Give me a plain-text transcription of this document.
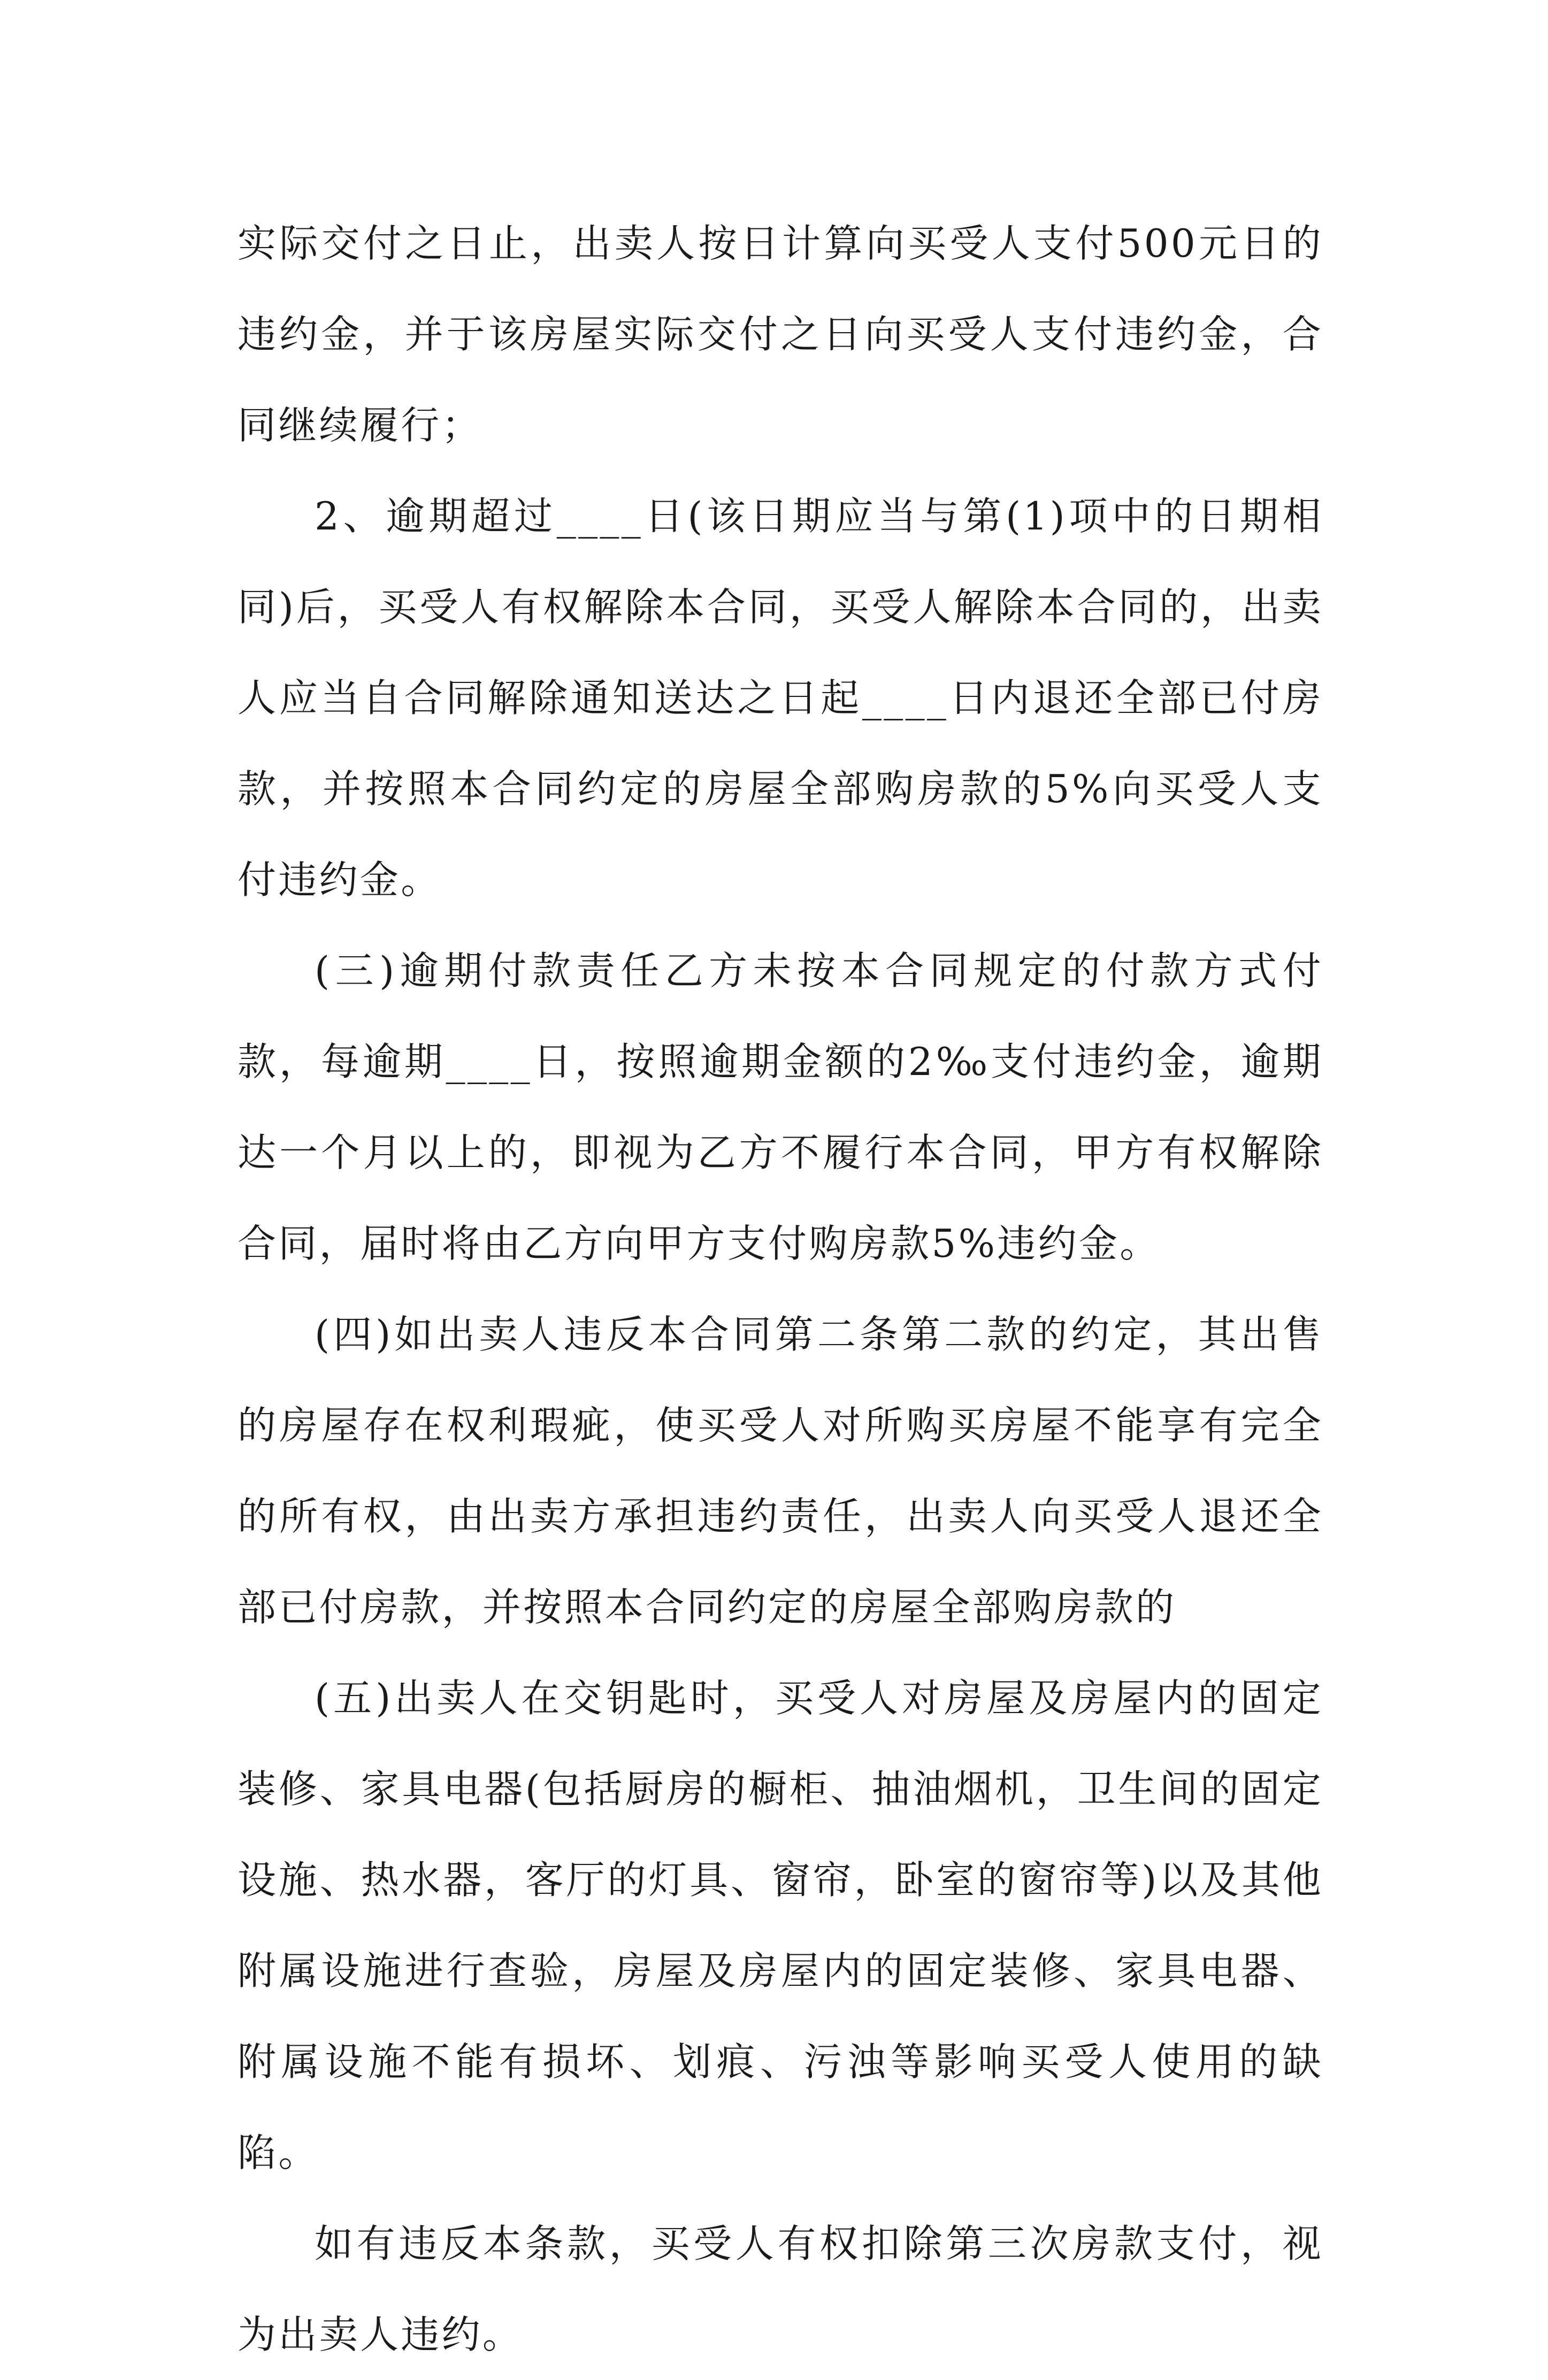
实际交付之日止，出卖人按日计算向买受人支付500元日的违约金，并于该房屋实际交付之日向买受人支付违约金，合同继续履行；

2、逾期超过____日(该日期应当与第(1)项中的日期相同)后，买受人有权解除本合同，买受人解除本合同的，出卖人应当自合同解除通知送达之日起____日内退还全部已付房款，并按照本合同约定的房屋全部购房款的5%向买受人支付违约金。

(三)逾期付款责任乙方未按本合同规定的付款方式付款，每逾期____日，按照逾期金额的2‰支付违约金，逾期达一个月以上的，即视为乙方不履行本合同，甲方有权解除合同，届时将由乙方向甲方支付购房款5%违约金。

(四)如出卖人违反本合同第二条第二款的约定，其出售的房屋存在权利瑕疵，使买受人对所购买房屋不能享有完全的所有权，由出卖方承担违约责任，出卖人向买受人退还全部已付房款，并按照本合同约定的房屋全部购房款的

(五)出卖人在交钥匙时，买受人对房屋及房屋内的固定装修、家具电器(包括厨房的橱柜、抽油烟机，卫生间的固定设施、热水器，客厅的灯具、窗帘，卧室的窗帘等)以及其他附属设施进行查验，房屋及房屋内的固定装修、家具电器、附属设施不能有损坏、划痕、污浊等影响买受人使用的缺陷。

如有违反本条款，买受人有权扣除第三次房款支付，视为出卖人违约。
